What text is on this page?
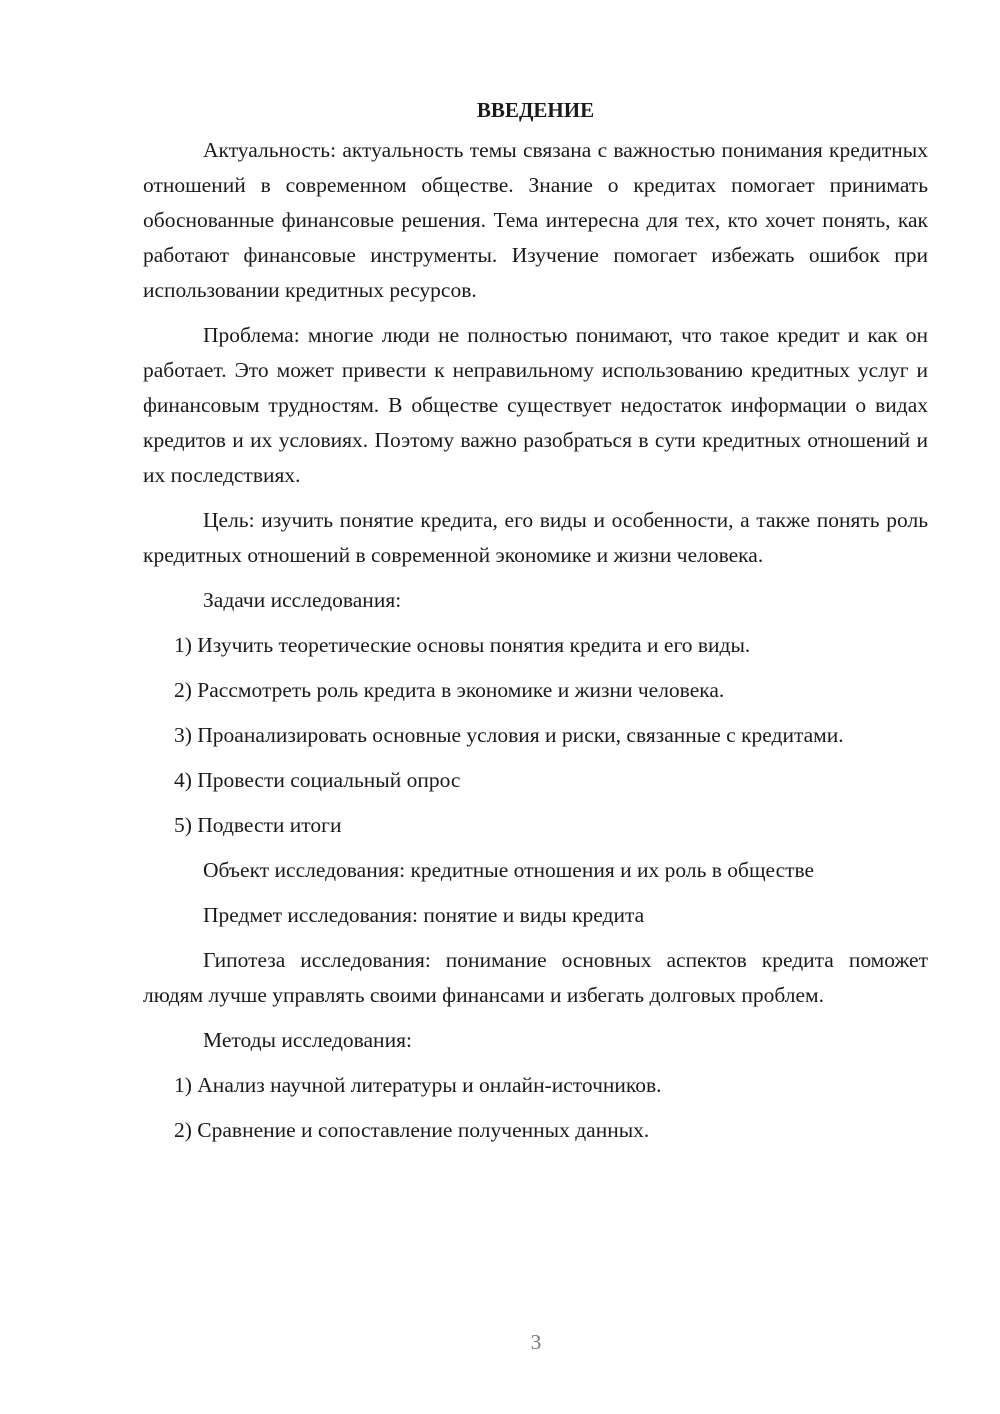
ВВЕДЕНИЕ

Актуальность: актуальность темы связана с важностью понимания кредитных отношений в современном обществе. Знание о кредитах помогает принимать обоснованные финансовые решения. Тема интересна для тех, кто хочет понять, как работают финансовые инструменты. Изучение помогает избежать ошибок при использовании кредитных ресурсов.

Проблема: многие люди не полностью понимают, что такое кредит и как он работает. Это может привести к неправильному использованию кредитных услуг и финансовым трудностям. В обществе существует недостаток информации о видах кредитов и их условиях. Поэтому важно разобраться в сути кредитных отношений и их последствиях.

Цель: изучить понятие кредита, его виды и особенности, а также понять роль кредитных отношений в современной экономике и жизни человека.

Задачи исследования:

1) Изучить теоретические основы понятия кредита и его виды.

2) Рассмотреть роль кредита в экономике и жизни человека.

3) Проанализировать основные условия и риски, связанные с кредитами.

4) Провести социальный опрос

5) Подвести итоги

Объект исследования: кредитные отношения и их роль в обществе

Предмет исследования: понятие и виды кредита

Гипотеза исследования: понимание основных аспектов кредита поможет людям лучше управлять своими финансами и избегать долговых проблем.

Методы исследования:

1) Анализ научной литературы и онлайн-источников.

2) Сравнение и сопоставление полученных данных.

3
